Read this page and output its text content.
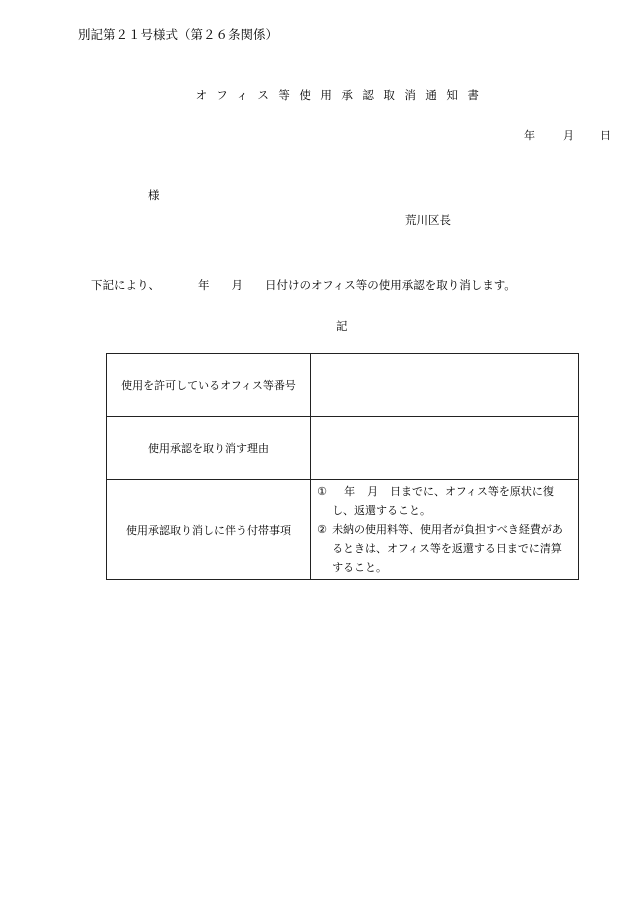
別記第２１号様式（第２６条関係）
オフィス等使用承認取消通知書
年	月 日
様
荒川区長
下記により、	年 月 日付けのオフィス等の使用承認を取り消します。
記
使用を許可しているオフィス等番号	
使用承認を取り消す理由	
使用承認取り消しに伴う付帯事項	① 年 月 日までに、オフィス等を原状に復し、返還すること。
② 未納の使用料等、使用者が負担すべき経費があるときは、オフィス等を返還する日までに清算すること。
